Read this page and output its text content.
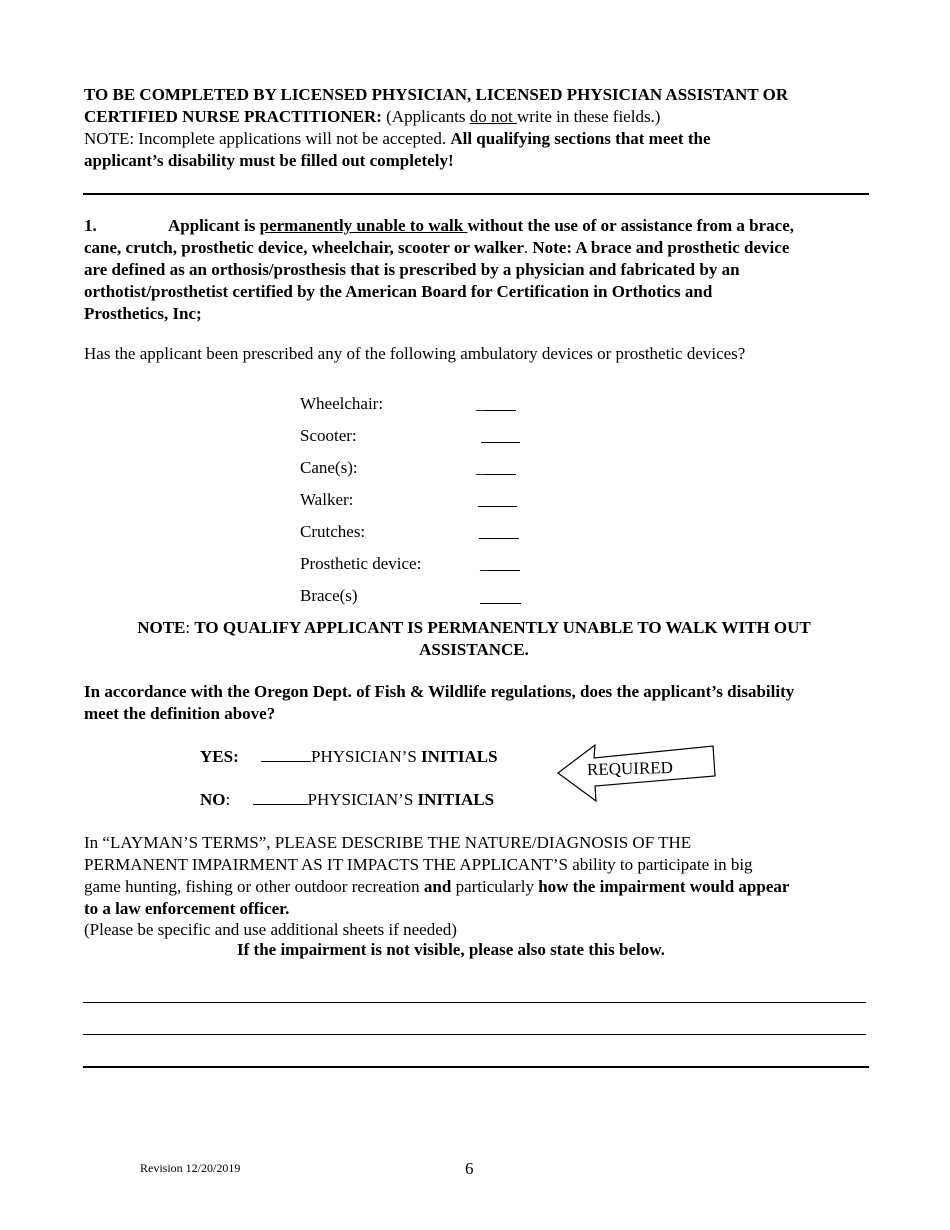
TO BE COMPLETED BY LICENSED PHYSICIAN, LICENSED PHYSICIAN ASSISTANT OR
CERTIFIED NURSE PRACTITIONER: (Applicants do not write in these fields.)
NOTE: Incomplete applications will not be accepted. All qualifying sections that meet the
applicant’s disability must be filled out completely!
1.	Applicant is permanently unable to walk without the use of or assistance from a brace,
cane, crutch, prosthetic device, wheelchair, scooter or walker. Note: A brace and prosthetic device
are defined as an orthosis/prosthesis that is prescribed by a physician and fabricated by an
orthotist/prosthetist certified by the American Board for Certification in Orthotics and
Prosthetics, Inc;
Has the applicant been prescribed any of the following ambulatory devices or prosthetic devices?
Wheelchair:	_
Scooter:
Cane(s):	_
Walker:
Crutches:
Prosthetic device:	_
Brace(s)
NOTE: TO QUALIFY APPLICANT IS PERMANENTLY UNABLE TO WALK WITH OUT
ASSISTANCE.
In accordance with the Oregon Dept. of Fish & Wildlife regulations, does the applicant’s disability
meet the definition above?
YES:	PHYSICIAN’S INITIALS
NO:	PHYSICIAN’S INITIALS
REQUIRED
In “LAYMAN’S TERMS”, PLEASE DESCRIBE THE NATURE/DIAGNOSIS OF THE
PERMANENT IMPAIRMENT AS IT IMPACTS THE APPLICANT’S ability to participate in big
game hunting, fishing or other outdoor recreation and particularly how the impairment would appear
to a law enforcement officer.
(Please be specific and use additional sheets if needed)
If the impairment is not visible, please also state this below.
Revision 12/20/2019	6
